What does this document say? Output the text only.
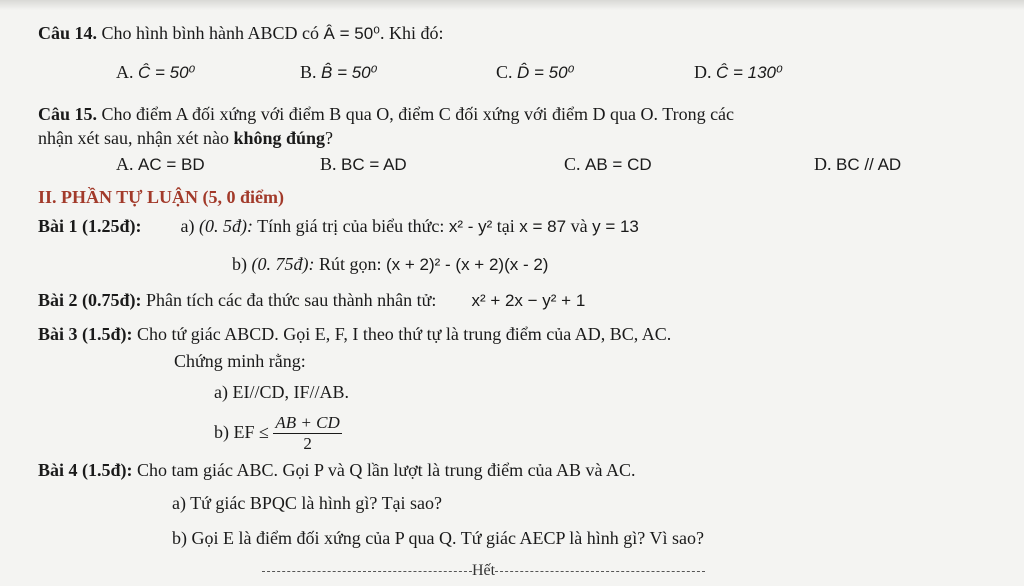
Câu 14. Cho hình bình hành ABCD có Â = 50⁰. Khi đó:
A. Ĉ = 50⁰	B. B̂ = 50⁰	C. D̂ = 50⁰	D. Ĉ = 130⁰
Câu 15. Cho điểm A đối xứng với điểm B qua O, điểm C đối xứng với điểm D qua O. Trong các
nhận xét sau, nhận xét nào không đúng?
A. AC = BD	B. BC = AD	C. AB = CD	D. BC // AD
II. PHẦN TỰ LUẬN (5, 0 điểm)
Bài 1 (1.25đ): a) (0. 5đ): Tính giá trị của biểu thức: x² - y² tại x = 87 và y = 13
b) (0. 75đ): Rút gọn: (x + 2)² - (x + 2)(x - 2)
Bài 2 (0.75đ): Phân tích các đa thức sau thành nhân tử: x² + 2x − y² + 1
Bài 3 (1.5đ): Cho tứ giác ABCD. Gọi E, F, I theo thứ tự là trung điểm của AD, BC, AC.
Chứng minh rằng:
a) EI//CD, IF//AB.
b) EF ≤ $\frac{AB + CD}{2}$
Bài 4 (1.5đ): Cho tam giác ABC. Gọi P và Q lần lượt là trung điểm của AB và AC.
a) Tứ giác BPQC là hình gì? Tại sao?
b) Gọi E là điểm đối xứng của P qua Q. Tứ giác AECP là hình gì? Vì sao?
Hết
